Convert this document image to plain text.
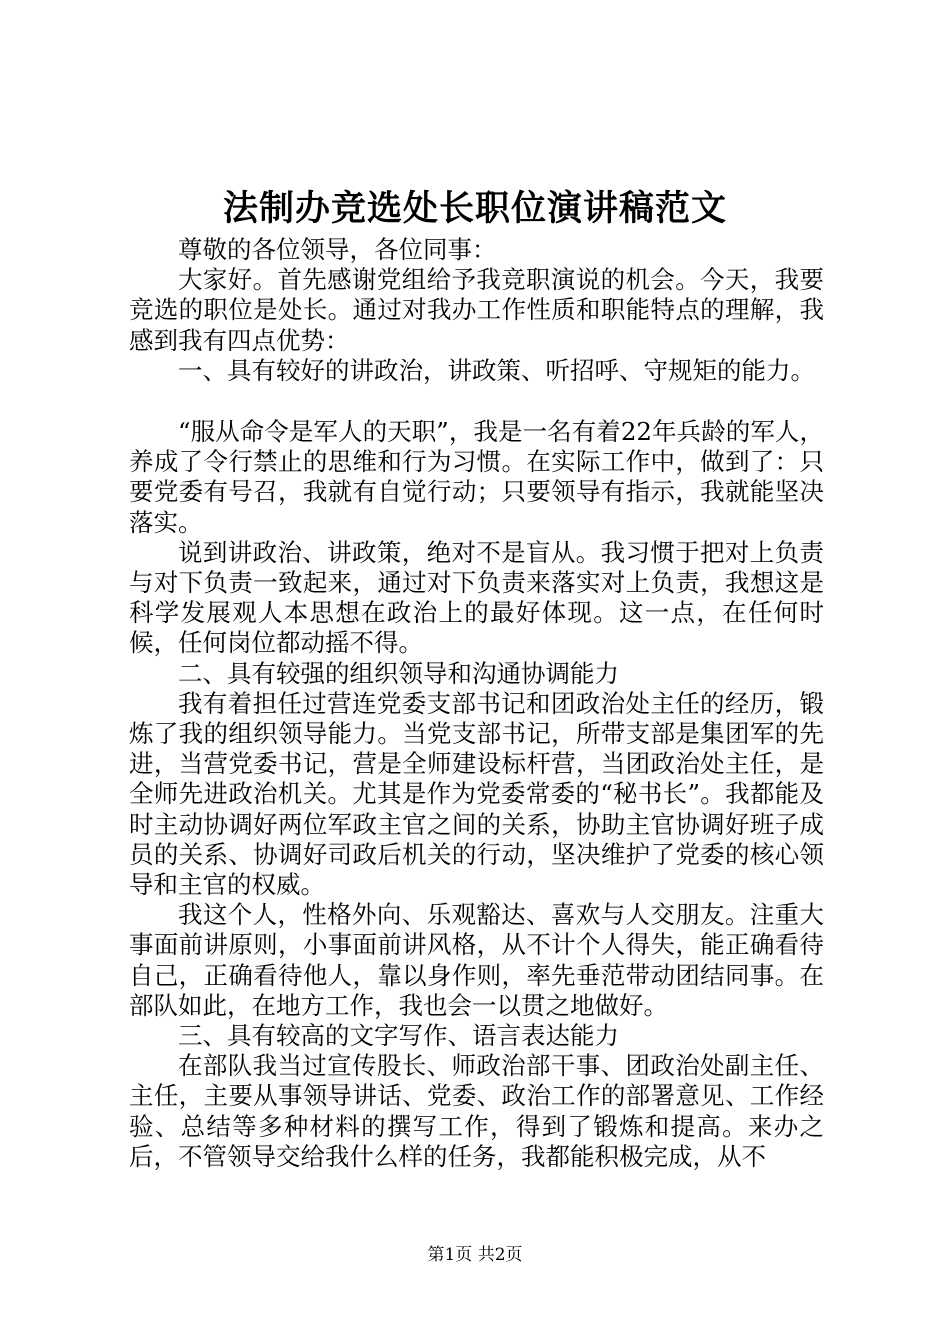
法制办竞选处长职位演讲稿范文

尊敬的各位领导，各位同事：

大家好。首先感谢党组给予我竞职演说的机会。今天，我要竞选的职位是处长。通过对我办工作性质和职能特点的理解，我感到我有四点优势：

一、具有较好的讲政治，讲政策、听招呼、守规矩的能力。

“服从命令是军人的天职”，我是一名有着22年兵龄的军人，养成了令行禁止的思维和行为习惯。在实际工作中，做到了：只要党委有号召，我就有自觉行动；只要领导有指示，我就能坚决落实。

说到讲政治、讲政策，绝对不是盲从。我习惯于把对上负责与对下负责一致起来，通过对下负责来落实对上负责，我想这是科学发展观人本思想在政治上的最好体现。这一点，在任何时候，任何岗位都动摇不得。

二、具有较强的组织领导和沟通协调能力

我有着担任过营连党委支部书记和团政治处主任的经历，锻炼了我的组织领导能力。当党支部书记，所带支部是集团军的先进，当营党委书记，营是全师建设标杆营，当团政治处主任，是全师先进政治机关。尤其是作为党委常委的“秘书长”。我都能及时主动协调好两位军政主官之间的关系，协助主官协调好班子成员的关系、协调好司政后机关的行动，坚决维护了党委的核心领导和主官的权威。

我这个人，性格外向、乐观豁达、喜欢与人交朋友。注重大事面前讲原则，小事面前讲风格，从不计个人得失，能正确看待自己，正确看待他人，靠以身作则，率先垂范带动团结同事。在部队如此，在地方工作，我也会一以贯之地做好。

三、具有较高的文字写作、语言表达能力

在部队我当过宣传股长、师政治部干事、团政治处副主任、主任，主要从事领导讲话、党委、政治工作的部署意见、工作经验、总结等多种材料的撰写工作，得到了锻炼和提高。来办之后，不管领导交给我什么样的任务，我都能积极完成，从不

第1页 共2页
